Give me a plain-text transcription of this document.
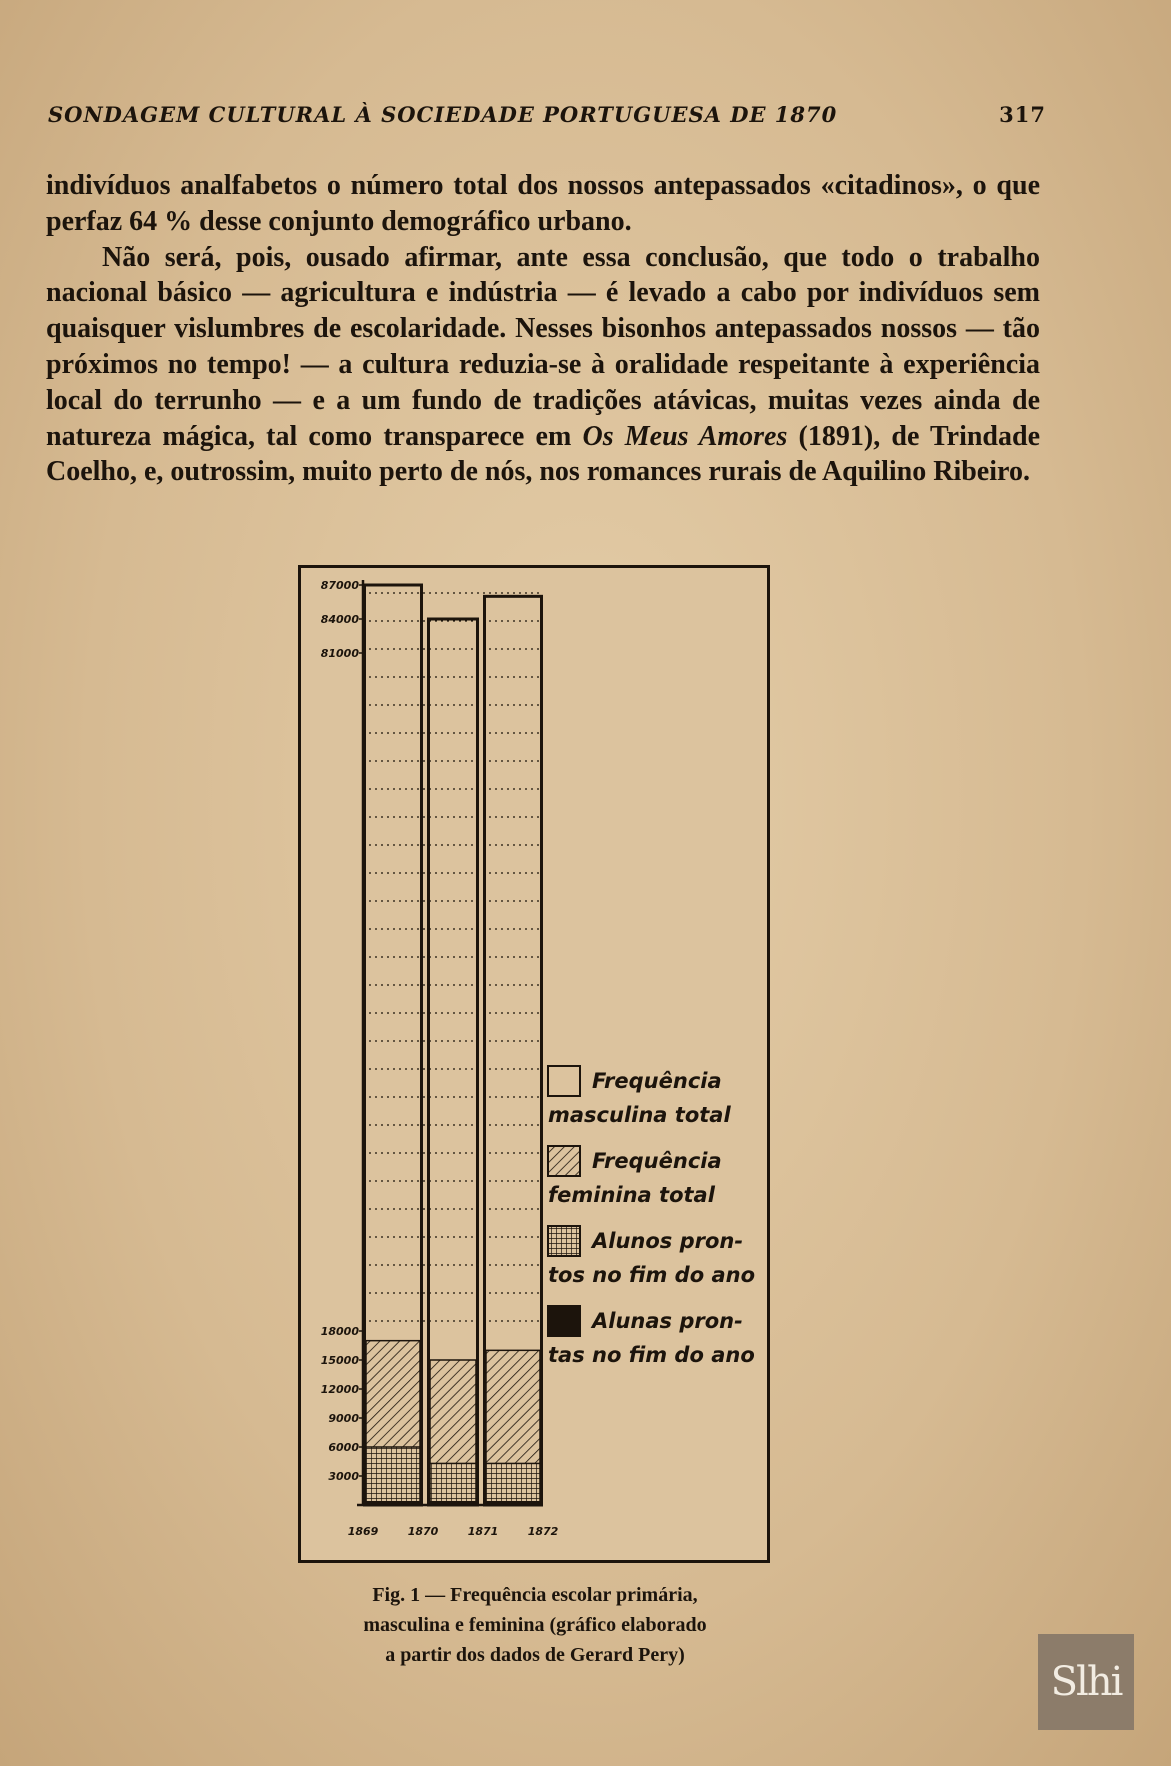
SONDAGEM CULTURAL À SOCIEDADE PORTUGUESA DE 1870	317

indivíduos analfabetos o número total dos nossos antepassados «citadinos», o que perfaz 64 % desse conjunto demográfico urbano.

Não será, pois, ousado afirmar, ante essa conclusão, que todo o trabalho nacional básico — agricultura e indústria — é levado a cabo por indivíduos sem quaisquer vislumbres de escolaridade. Nesses bisonhos antepassados nossos — tão próximos no tempo! — a cultura reduzia-se à oralidade respeitante à experiência local do terrunho — e a um fundo de tradições atávicas, muitas vezes ainda de natureza mágica, tal como transparece em Os Meus Amores (1891), de Trindade Coelho, e, outrossim, muito perto de nós, nos romances rurais de Aquilino Ribeiro.

87000
84000
81000
18000
15000
12000
9000
6000
3000
1869	1870	1871	1872
Frequência
masculina total
Frequência
feminina total
Alunos pron-
tos no fim do ano
Alunas pron-
tas no fim do ano
Fig. 1 — Frequência escolar primária,
masculina e feminina (gráfico elaborado
a partir dos dados de Gerard Pery)
Slhi
